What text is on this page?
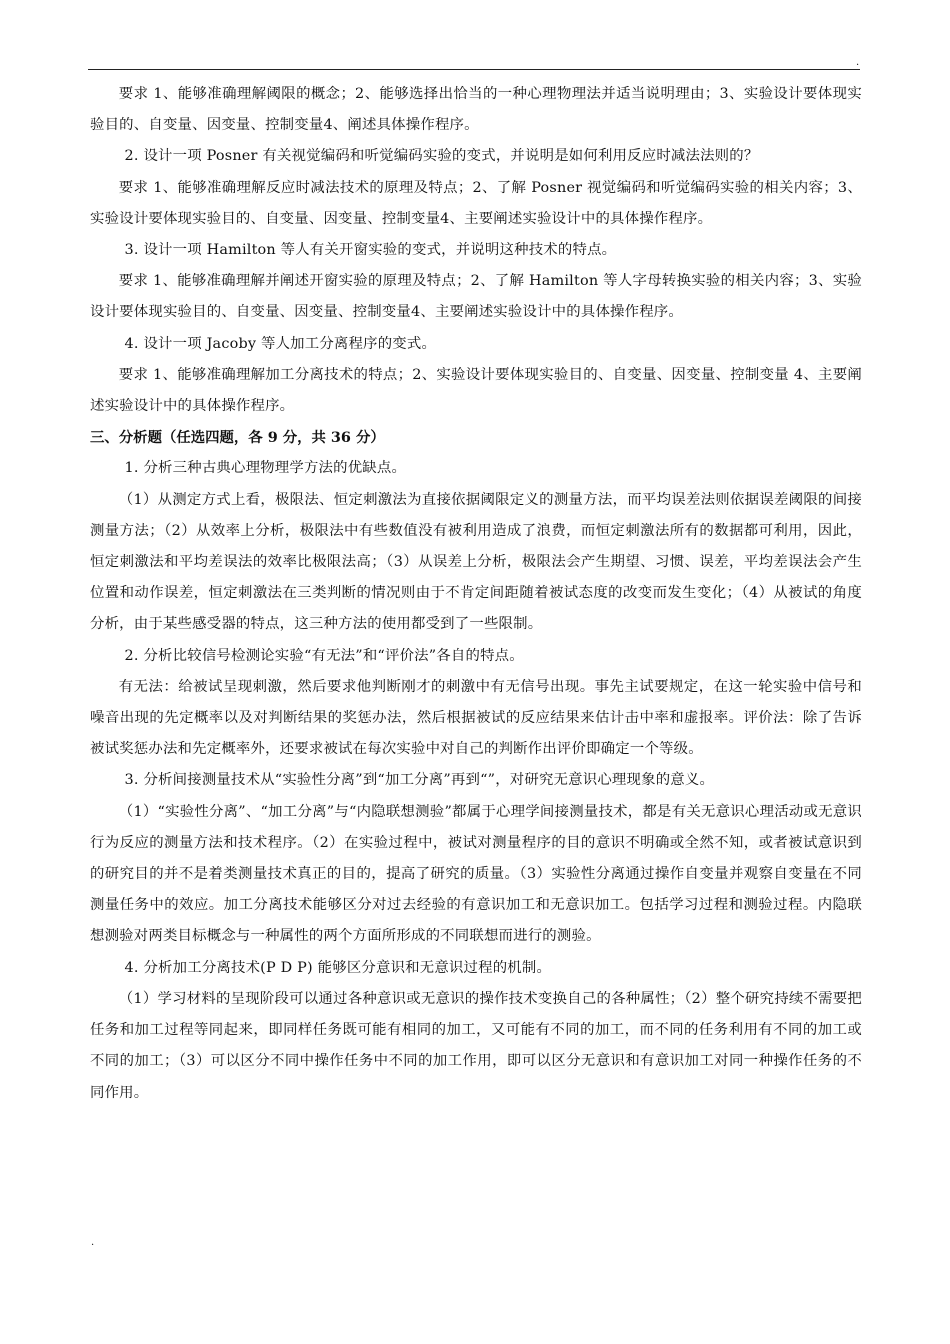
.

要求 1、能够准确理解阈限的概念；2、能够选择出恰当的一种心理物理法并适当说明理由；3、实验设计要体现实验目的、自变量、因变量、控制变量4、阐述具体操作程序。

2. 设计一项 Posner 有关视觉编码和听觉编码实验的变式，并说明是如何利用反应时减法法则的？

要求 1、能够准确理解反应时减法技术的原理及特点；2、了解 Posner 视觉编码和听觉编码实验的相关内容；3、实验设计要体现实验目的、自变量、因变量、控制变量4、主要阐述实验设计中的具体操作程序。

3. 设计一项 Hamilton 等人有关开窗实验的变式，并说明这种技术的特点。

要求 1、能够准确理解并阐述开窗实验的原理及特点；2、了解 Hamilton 等人字母转换实验的相关内容；3、实验设计要体现实验目的、自变量、因变量、控制变量4、主要阐述实验设计中的具体操作程序。

4. 设计一项 Jacoby 等人加工分离程序的变式。

要求 1、能够准确理解加工分离技术的特点；2、实验设计要体现实验目的、自变量、因变量、控制变量 4、主要阐述实验设计中的具体操作程序。

三、分析题（任选四题，各 9 分，共 36 分）

1. 分析三种古典心理物理学方法的优缺点。

（1）从测定方式上看，极限法、恒定刺激法为直接依据阈限定义的测量方法，而平均误差法则依据误差阈限的间接测量方法；（2）从效率上分析，极限法中有些数值没有被利用造成了浪费，而恒定刺激法所有的数据都可利用，因此，恒定刺激法和平均差误法的效率比极限法高；（3）从误差上分析，极限法会产生期望、习惯、误差，平均差误法会产生位置和动作误差，恒定刺激法在三类判断的情况则由于不肯定间距随着被试态度的改变而发生变化；（4）从被试的角度分析，由于某些感受器的特点，这三种方法的使用都受到了一些限制。

2. 分析比较信号检测论实验“有无法”和“评价法”各自的特点。

有无法：给被试呈现刺激，然后要求他判断刚才的刺激中有无信号出现。事先主试要规定，在这一轮实验中信号和噪音出现的先定概率以及对判断结果的奖惩办法，然后根据被试的反应结果来估计击中率和虚报率。评价法：除了告诉被试奖惩办法和先定概率外，还要求被试在每次实验中对自己的判断作出评价即确定一个等级。

3. 分析间接测量技术从“实验性分离”到“加工分离”再到“”，对研究无意识心理现象的意义。

（1）“实验性分离”、“加工分离”与“内隐联想测验”都属于心理学间接测量技术，都是有关无意识心理活动或无意识行为反应的测量方法和技术程序。（2）在实验过程中，被试对测量程序的目的意识不明确或全然不知，或者被试意识到的研究目的并不是着类测量技术真正的目的，提高了研究的质量。（3）实验性分离通过操作自变量并观察自变量在不同测量任务中的效应。加工分离技术能够区分对过去经验的有意识加工和无意识加工。包括学习过程和测验过程。内隐联想测验对两类目标概念与一种属性的两个方面所形成的不同联想而进行的测验。

4. 分析加工分离技术(P D P) 能够区分意识和无意识过程的机制。

（1）学习材料的呈现阶段可以通过各种意识或无意识的操作技术变换自己的各种属性；（2）整个研究持续不需要把任务和加工过程等同起来，即同样任务既可能有相同的加工，又可能有不同的加工，而不同的任务利用有不同的加工或不同的加工；（3）可以区分不同中操作任务中不同的加工作用，即可以区分无意识和有意识加工对同一种操作任务的不同作用。

.
